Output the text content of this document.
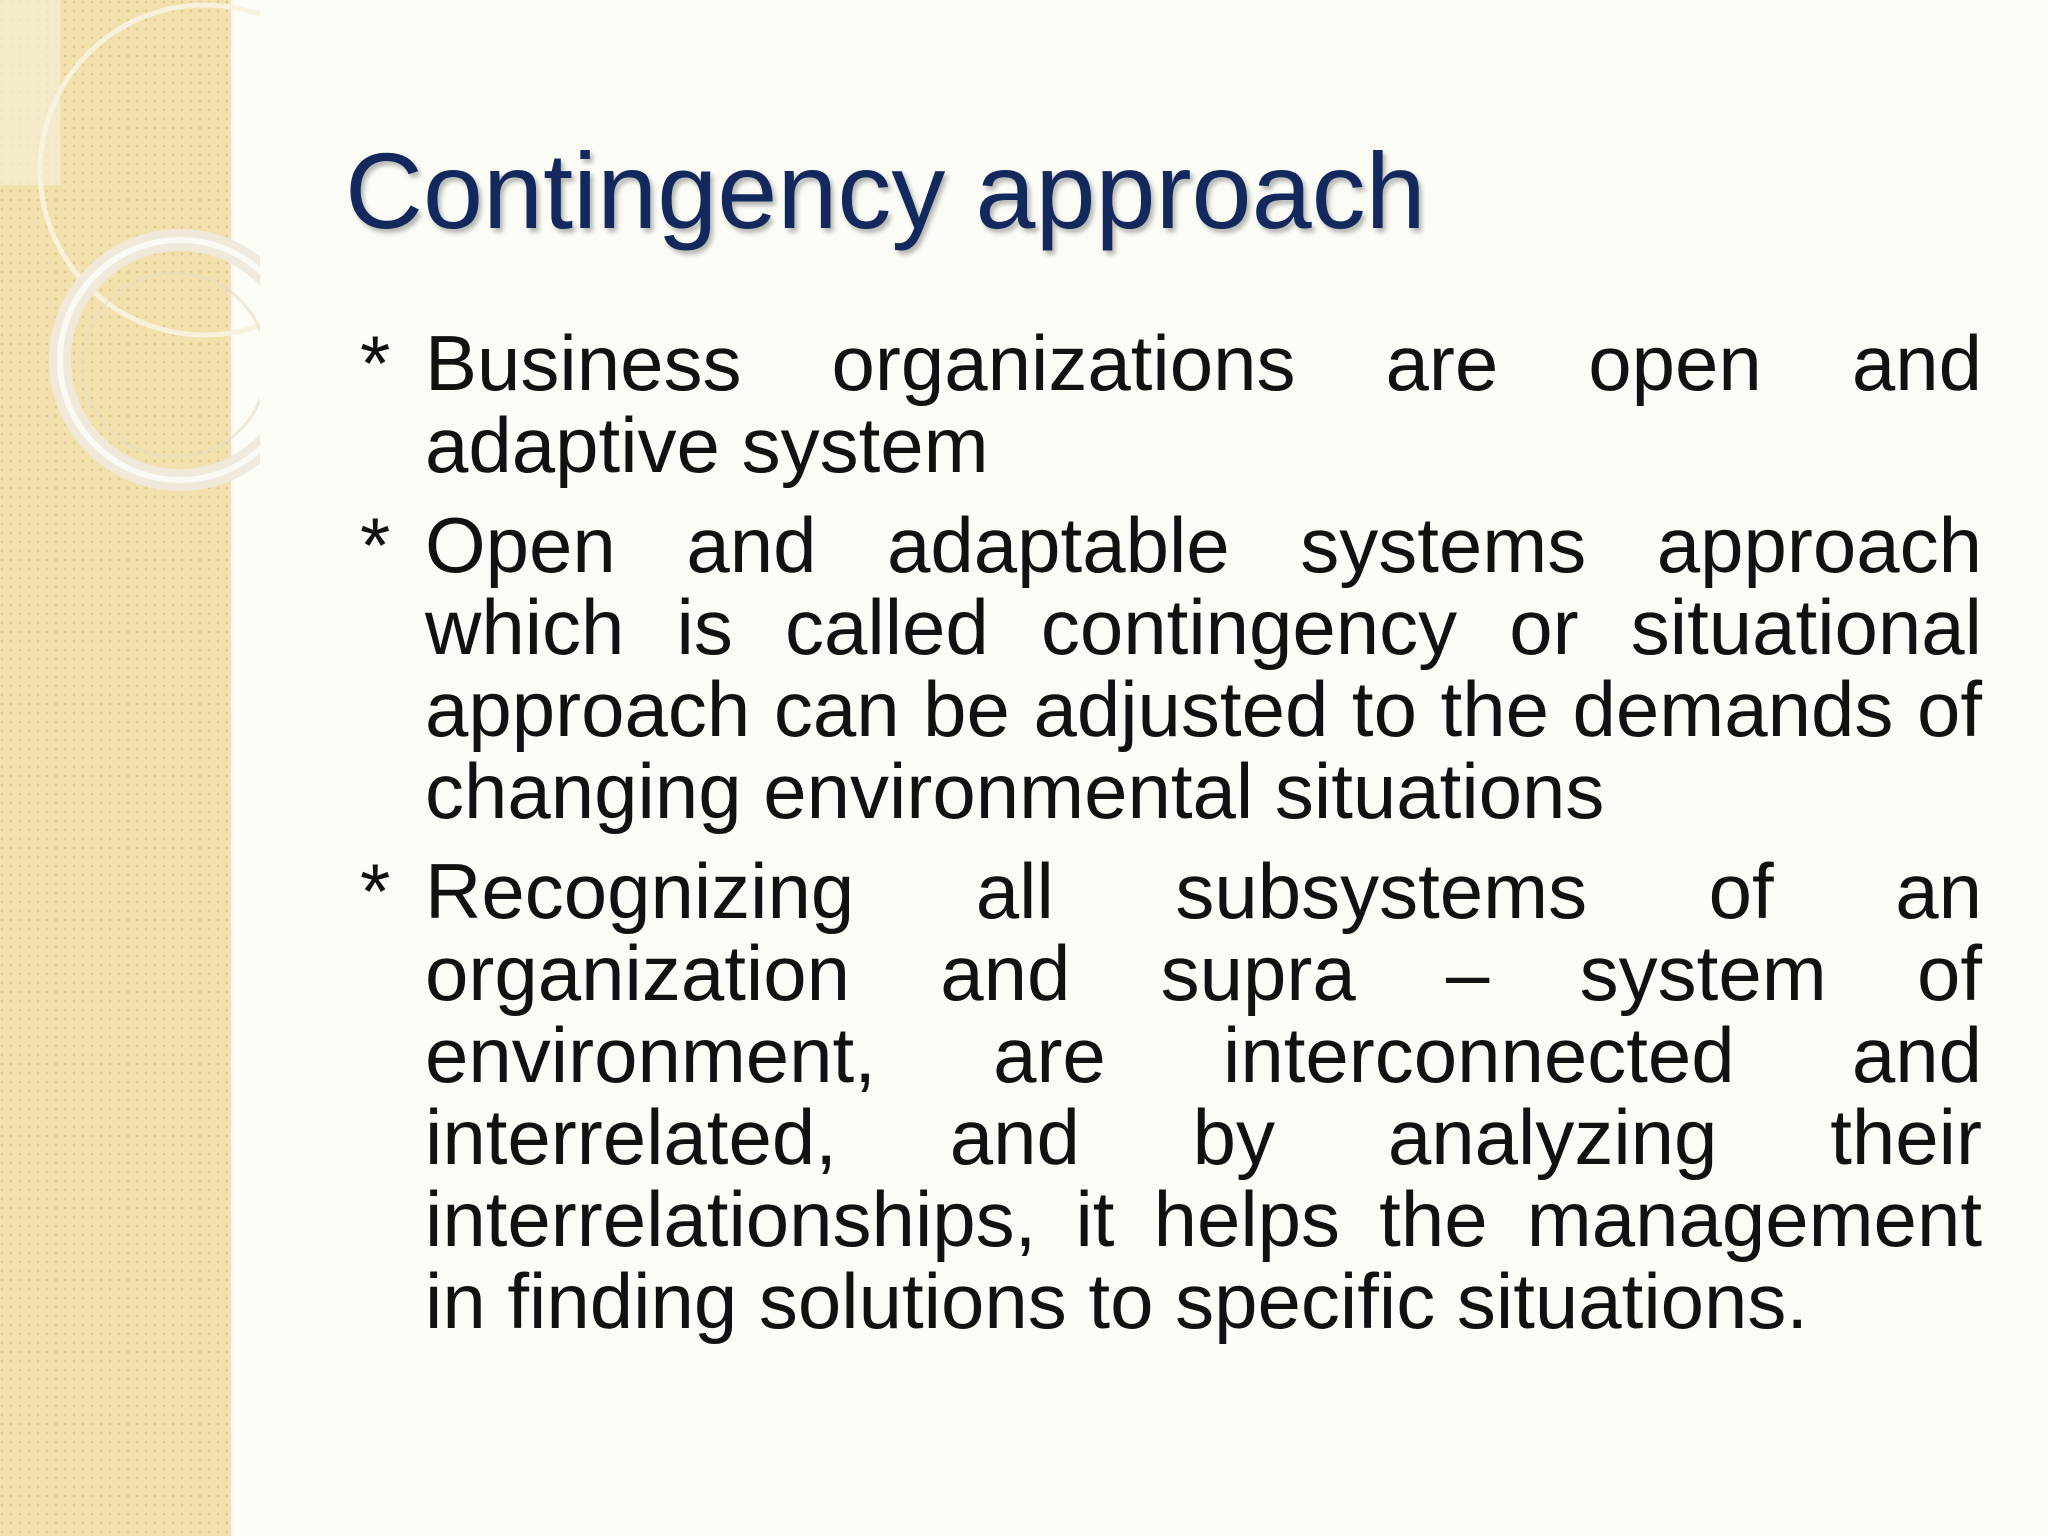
Contingency approach
* Business organizations are open and adaptive system
* Open and adaptable systems approach which is called contingency or situational approach can be adjusted to the demands of changing environmental situations
* Recognizing all subsystems of an organization and supra – system of environment, are interconnected and interrelated, and by analyzing their interrelationships, it helps the management in finding solutions to specific situations.
